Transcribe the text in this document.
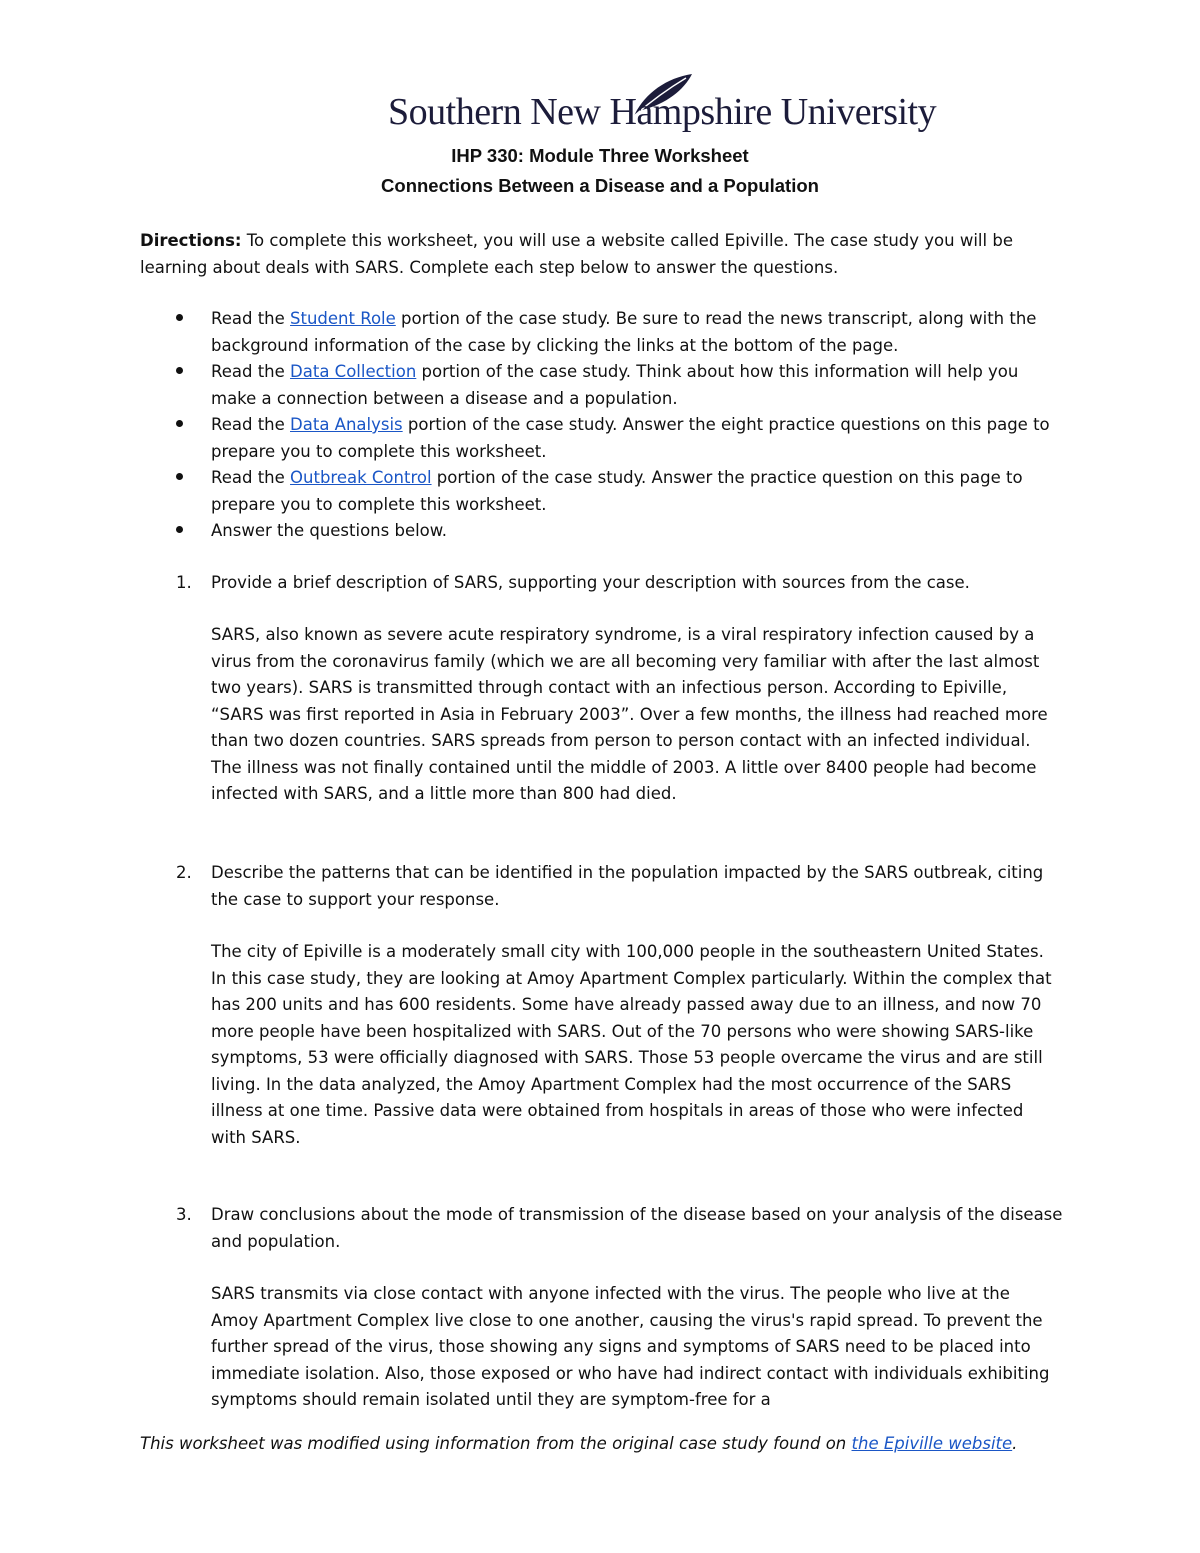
Southern New Hampshire University
IHP 330: Module Three Worksheet
Connections Between a Disease and a Population
Directions: To complete this worksheet, you will use a website called Epiville. The case study you will be learning about deals with SARS. Complete each step below to answer the questions.
Read the Student Role portion of the case study. Be sure to read the news transcript, along with the background information of the case by clicking the links at the bottom of the page.
Read the Data Collection portion of the case study. Think about how this information will help you make a connection between a disease and a population.
Read the Data Analysis portion of the case study. Answer the eight practice questions on this page to prepare you to complete this worksheet.
Read the Outbreak Control portion of the case study. Answer the practice question on this page to prepare you to complete this worksheet.
Answer the questions below.
1. Provide a brief description of SARS, supporting your description with sources from the case.
SARS, also known as severe acute respiratory syndrome, is a viral respiratory infection caused by a virus from the coronavirus family (which we are all becoming very familiar with after the last almost two years). SARS is transmitted through contact with an infectious person. According to Epiville, “SARS was first reported in Asia in February 2003”. Over a few months, the illness had reached more than two dozen countries. SARS spreads from person to person contact with an infected individual. The illness was not finally contained until the middle of 2003. A little over 8400 people had become infected with SARS, and a little more than 800 had died.
2. Describe the patterns that can be identified in the population impacted by the SARS outbreak, citing the case to support your response.
The city of Epiville is a moderately small city with 100,000 people in the southeastern United States. In this case study, they are looking at Amoy Apartment Complex particularly. Within the complex that has 200 units and has 600 residents. Some have already passed away due to an illness, and now 70 more people have been hospitalized with SARS. Out of the 70 persons who were showing SARS-like symptoms, 53 were officially diagnosed with SARS. Those 53 people overcame the virus and are still living. In the data analyzed, the Amoy Apartment Complex had the most occurrence of the SARS illness at one time. Passive data were obtained from hospitals in areas of those who were infected with SARS.
3. Draw conclusions about the mode of transmission of the disease based on your analysis of the disease and population.
SARS transmits via close contact with anyone infected with the virus. The people who live at the Amoy Apartment Complex live close to one another, causing the virus's rapid spread. To prevent the further spread of the virus, those showing any signs and symptoms of SARS need to be placed into immediate isolation. Also, those exposed or who have had indirect contact with individuals exhibiting symptoms should remain isolated until they are symptom-free for a
This worksheet was modified using information from the original case study found on the Epiville website.
